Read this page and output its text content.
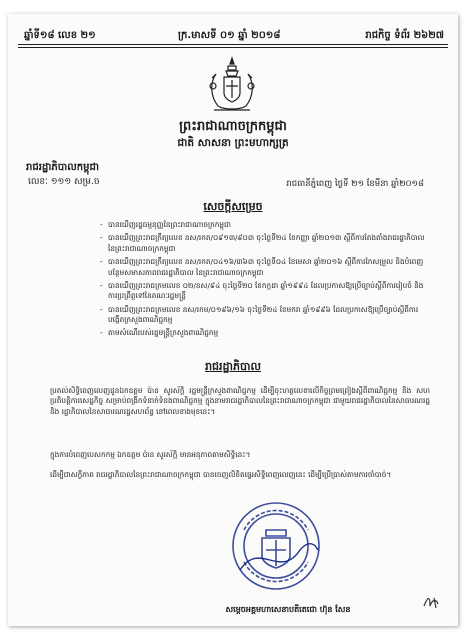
ឆ្នាំទី១៨ លេខ ២១	ក្រ.មាសទី ០១ ឆ្នាំ ២០១៨	រាជកិច្ច ទំព័រ ២៦២៧
ព្រះរាជាណាចក្រកម្ពុជា
ជាតិ សាសនា ព្រះមហាក្សត្រ
រាជរដ្ឋាភិបាលកម្ពុជា
លេខៈ ១១១ សម្រ.ច	រាជធានីភ្នំពេញ ថ្ងៃទី ២១ ខែមីនា ឆ្នាំ២០១៨
សេចក្តីសម្រេច
- បានឃើញរដ្ឋធម្មនុញ្ញនៃព្រះរាជាណាចក្រកម្ពុជា
- បានឃើញព្រះរាជក្រឹត្យលេខ នស/រកត/០៩១៣/៩០៣ ចុះថ្ងៃទី២៤ ខែកញ្ញា ឆ្នាំ២០១៣ ស្តីពីការតែងតាំងរាជរដ្ឋាភិបាល នៃព្រះរាជាណាចក្រកម្ពុជា
- បានឃើញព្រះរាជក្រឹត្យលេខ នស/រកត/០៤១៦/៣៦៣ ចុះថ្ងៃទី០៤ ខែមេសា ឆ្នាំ២០១៦ ស្តីពីការកែសម្រួល និងបំពេញបន្ថែមសមាសភាពរាជរដ្ឋាភិបាល នៃព្រះរាជាណាចក្រកម្ពុជា
- បានឃើញព្រះរាជក្រមលេខ ០២/នស/៩៤ ចុះថ្ងៃទី២០ ខែកក្កដា ឆ្នាំ១៩៩៤ ដែលប្រកាសឱ្យប្រើច្បាប់ស្តីពីការរៀបចំ និងការប្រព្រឹត្តទៅនៃគណៈរដ្ឋមន្ត្រី
- បានឃើញព្រះរាជក្រមលេខ នស/រកម/០១៩៦/១៦ ចុះថ្ងៃទី២៤ ខែមករា ឆ្នាំ១៩៩៦ ដែលប្រកាសឱ្យប្រើច្បាប់ស្តីពីការបង្កើតក្រសួងពាណិជ្ជកម្ម
- តាមសំណើរបស់រដ្ឋមន្ត្រីក្រសួងពាណិជ្ជកម្ម
រាជរដ្ឋាភិបាល
ប្រគល់សិទ្ធិពេញលេញជូនឯកឧត្តម ប៉ាន សូរស័ក្តិ រដ្ឋមន្ត្រីក្រសួងពាណិជ្ជកម្ម ដើម្បីចុះហត្ថលេខាលើកិច្ចព្រមព្រៀងស្តីពីពាណិជ្ជកម្ម និង សហប្រតិបត្តិការសេដ្ឋកិច្ច សម្រាប់ពង្រីកទំនាក់ទំនងពាណិជ្ជកម្ម ក្នុងនាមរាជរដ្ឋាភិបាលនៃព្រះរាជាណាចក្រកម្ពុជា ជាមួយរាជរដ្ឋាភិបាលនៃសាធារណរដ្ឋ និង រដ្ឋាភិបាលនៃសាធារណរដ្ឋសហព័ន្ធ នៅពេលខាងមុខនេះ។
ក្នុងការបំពេញបេសកកម្ម ឯកឧត្តម ប៉ាន សូរស័ក្តិ មានអនុភាពតាមសិទ្ធិនេះ។
ដើម្បីជាសក្ខីភាព រាជរដ្ឋាភិបាលនៃព្រះរាជាណាចក្រកម្ពុជា បានចេញលិខិតផ្ទេរសិទ្ធិពេញលេញនេះ ដើម្បីប្រើប្រាស់តាមការចាំបាច់។
សម្តេចអគ្គមហាសេនាបតីតេជោ ហ៊ុន សែន
